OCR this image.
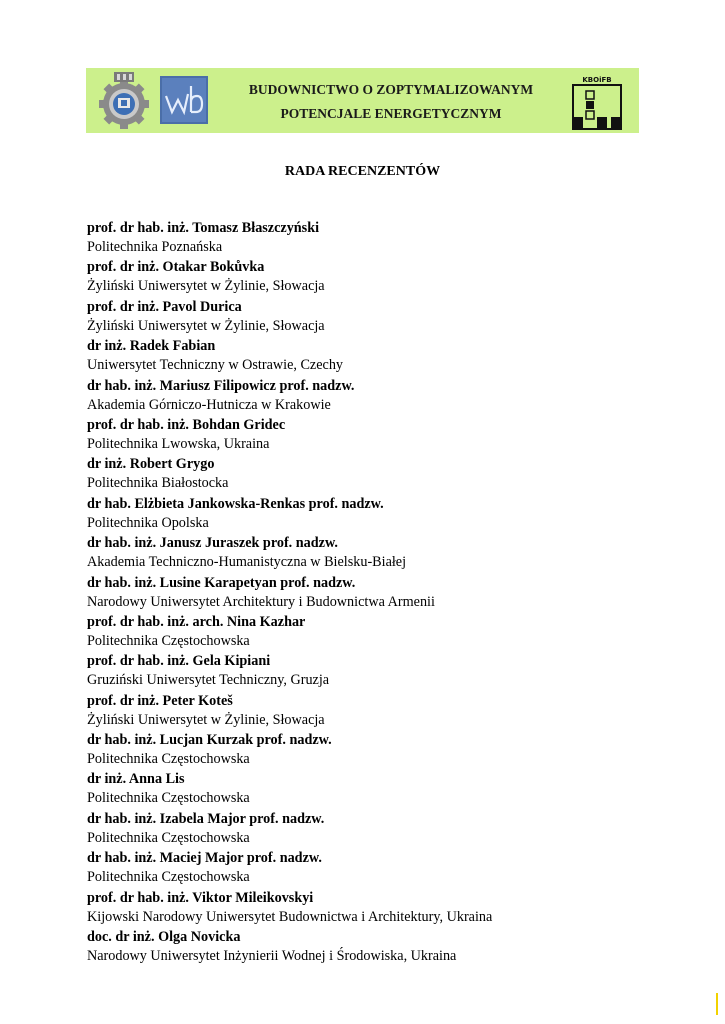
BUDOWNICTWO O ZOPTYMALIZOWANYM
POTENCJALE ENERGETYCZNYM
KBOiFB
RADA RECENZENTÓW
prof. dr hab. inż. Tomasz Błaszczyński
Politechnika Poznańska
prof. dr inż. Otakar Bokůvka
Żyliński Uniwersytet w Żylinie, Słowacja
prof. dr inż. Pavol Durica
Żyliński Uniwersytet w Żylinie, Słowacja
dr inż. Radek Fabian
Uniwersytet Techniczny w Ostrawie, Czechy
dr hab. inż. Mariusz Filipowicz prof. nadzw.
Akademia Górniczo-Hutnicza w Krakowie
prof. dr hab. inż. Bohdan Gridec
Politechnika Lwowska, Ukraina
dr inż. Robert Grygo
Politechnika Białostocka
dr hab. Elżbieta Jankowska-Renkas prof. nadzw.
Politechnika Opolska
dr hab. inż. Janusz Juraszek prof. nadzw.
Akademia Techniczno-Humanistyczna w Bielsku-Białej
dr hab. inż. Lusine Karapetyan prof. nadzw.
Narodowy Uniwersytet Architektury i Budownictwa Armenii
prof. dr hab. inż. arch. Nina Kazhar
Politechnika Częstochowska
prof. dr hab. inż. Gela Kipiani
Gruziński Uniwersytet Techniczny, Gruzja
prof. dr inż. Peter Koteš
Żyliński Uniwersytet w Żylinie, Słowacja
dr hab. inż. Lucjan Kurzak prof. nadzw.
Politechnika Częstochowska
dr inż. Anna Lis
Politechnika Częstochowska
dr hab. inż. Izabela Major prof. nadzw.
Politechnika Częstochowska
dr hab. inż. Maciej Major prof. nadzw.
Politechnika Częstochowska
prof. dr hab. inż. Viktor Mileikovskyi
Kijowski Narodowy Uniwersytet Budownictwa i Architektury, Ukraina
doc. dr inż. Olga Novicka
Narodowy Uniwersytet Inżynierii Wodnej i Środowiska, Ukraina
